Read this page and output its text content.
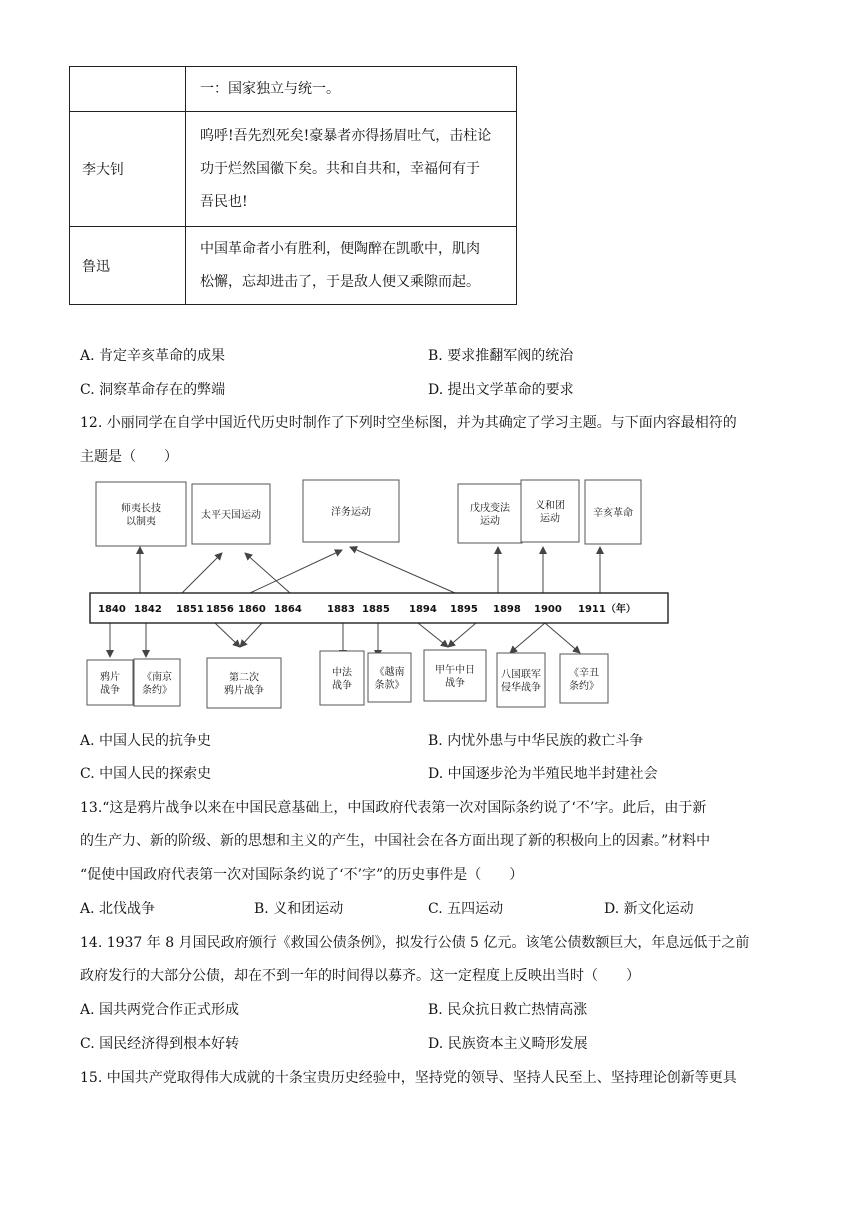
	一：国家独立与统一。

李大钊	呜呼!吾先烈死矣!豪暴者亦得扬眉吐气，击柱论
功于烂然国徽下矣。共和自共和，幸福何有于
吾民也!

鲁迅	中国革命者小有胜利，便陶醉在凯歌中，肌肉
松懈，忘却进击了，于是敌人便又乘隙而起。
A. 肯定辛亥革命的成果	B. 要求推翻军阀的统治
C. 洞察革命存在的弊端	D. 提出文学革命的要求
12. 小丽同学在自学中国近代历史时制作了下列时空坐标图，并为其确定了学习主题。与下面内容最相符的
主题是（　　）
1840 1842 1851 1856 1860 1864	1883 1885 1894 1895 1898 1900 1911（年）
师夷长技
以制夷
太平天国运动	洋务运动	戊戌变法
运动
义和团
运动	辛亥革命
鸦片
战争
《南京
条约》
第二次
鸦片战争
中法
战争
《越南
条款》
甲午中日
战争
八国联军
侵华战争
《辛丑
条约》
A. 中国人民的抗争史	B. 内忧外患与中华民族的救亡斗争
C. 中国人民的探索史	D. 中国逐步沦为半殖民地半封建社会
13.“这是鸦片战争以来在中国民意基础上，中国政府代表第一次对国际条约说了‘不’字。此后，由于新
的生产力、新的阶级、新的思想和主义的产生，中国社会在各方面出现了新的积极向上的因素。”材料中
“促使中国政府代表第一次对国际条约说了‘不’字”的历史事件是（　　）
A. 北伐战争	B. 义和团运动	C. 五四运动	D. 新文化运动
14. 1937 年 8 月国民政府颁行《救国公债条例》，拟发行公债 5 亿元。该笔公债数额巨大，年息远低于之前
政府发行的大部分公债，却在不到一年的时间得以募齐。这一定程度上反映出当时（　　）
A. 国共两党合作正式形成	B. 民众抗日救亡热情高涨
C. 国民经济得到根本好转	D. 民族资本主义畸形发展
15. 中国共产党取得伟大成就的十条宝贵历史经验中，坚持党的领导、坚持人民至上、坚持理论创新等更具
